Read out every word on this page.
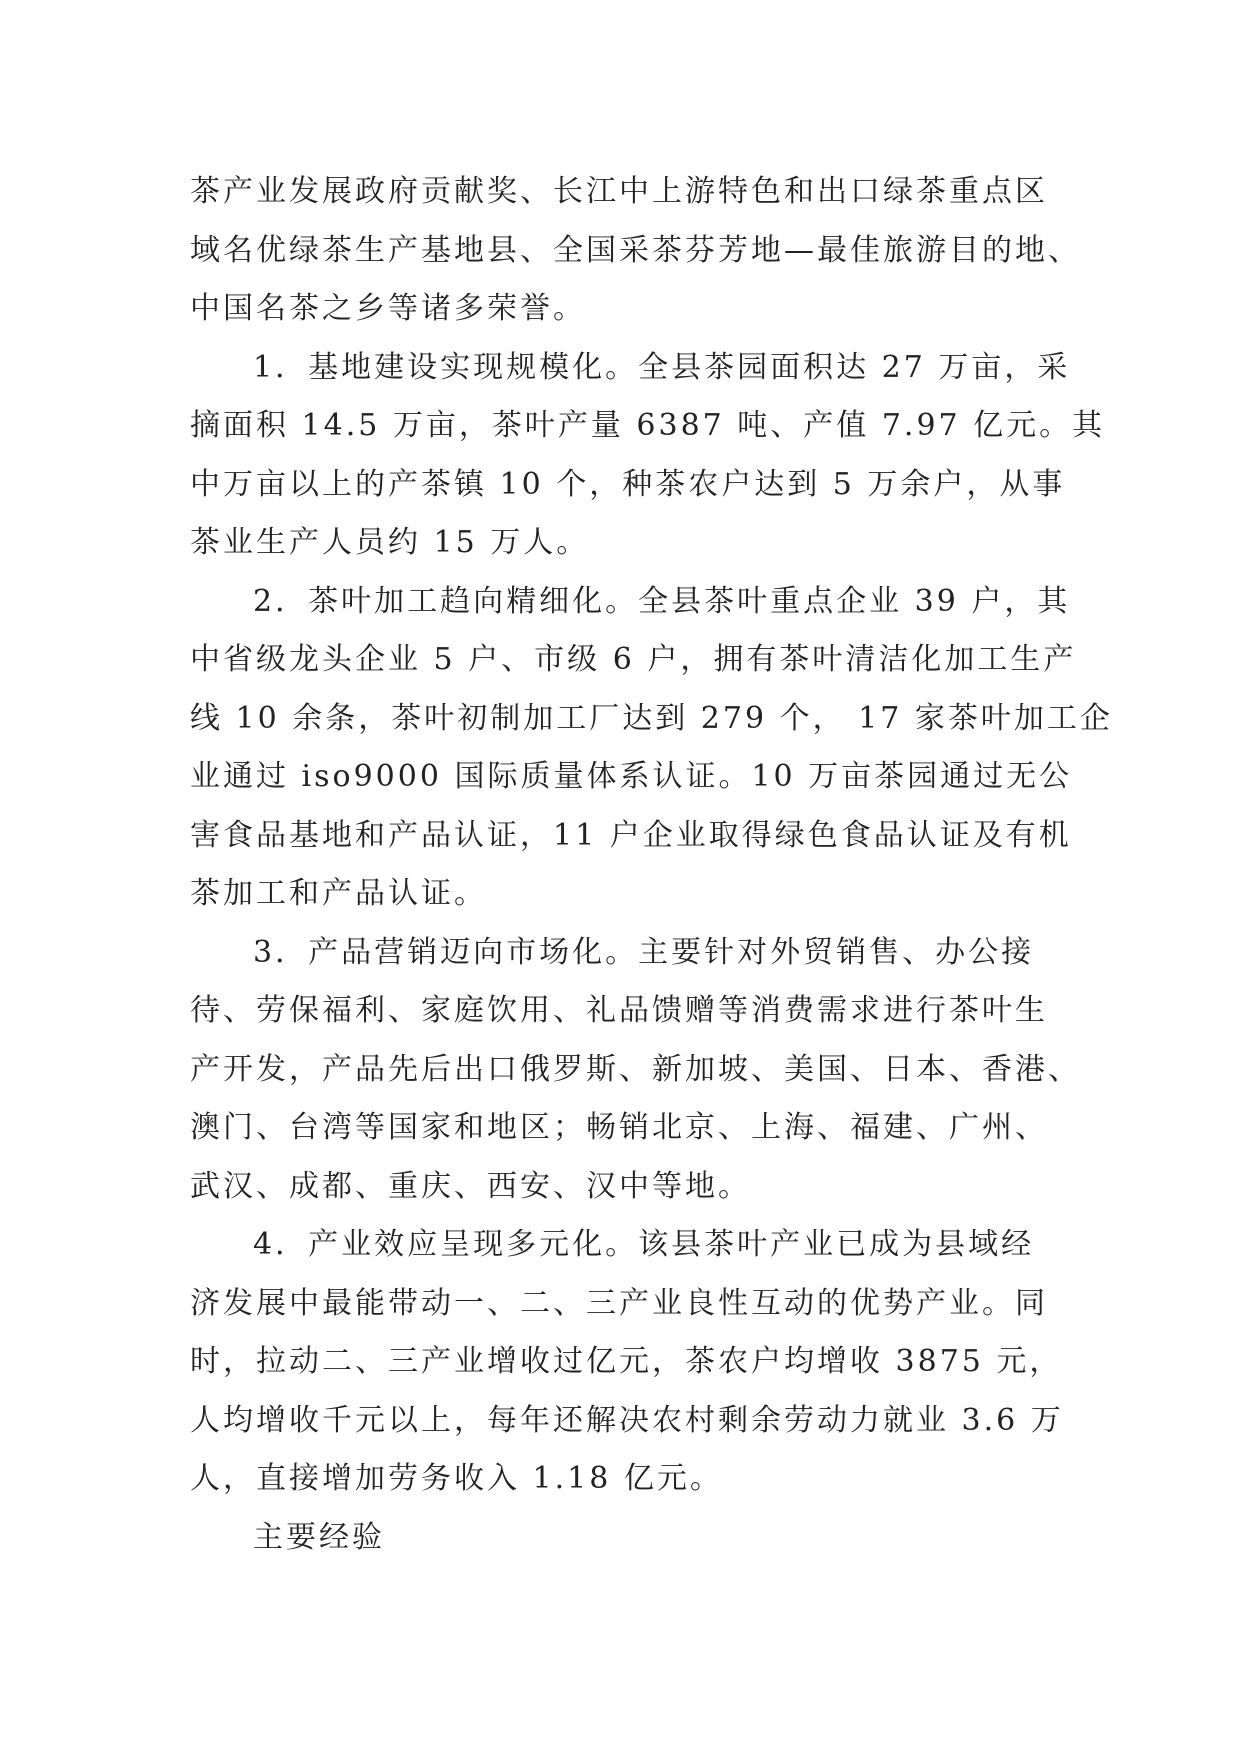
茶产业发展政府贡献奖、长江中上游特色和出口绿茶重点区
域名优绿茶生产基地县、全国采茶芬芳地—最佳旅游目的地、
中国名茶之乡等诸多荣誉。
1．基地建设实现规模化。全县茶园面积达 27 万亩，采
摘面积 14.5 万亩，茶叶产量 6387 吨、产值 7.97 亿元。其
中万亩以上的产茶镇 10 个，种茶农户达到 5 万余户，从事
茶业生产人员约 15 万人。
2．茶叶加工趋向精细化。全县茶叶重点企业 39 户，其
中省级龙头企业 5 户、市级 6 户，拥有茶叶清洁化加工生产
线 10 余条，茶叶初制加工厂达到 279 个， 17 家茶叶加工企
业通过 iso9000 国际质量体系认证。10 万亩茶园通过无公
害食品基地和产品认证，11 户企业取得绿色食品认证及有机
茶加工和产品认证。
3．产品营销迈向市场化。主要针对外贸销售、办公接
待、劳保福利、家庭饮用、礼品馈赠等消费需求进行茶叶生
产开发，产品先后出口俄罗斯、新加坡、美国、日本、香港、
澳门、台湾等国家和地区；畅销北京、上海、福建、广州、
武汉、成都、重庆、西安、汉中等地。
4．产业效应呈现多元化。该县茶叶产业已成为县域经
济发展中最能带动一、二、三产业良性互动的优势产业。同
时，拉动二、三产业增收过亿元，茶农户均增收 3875 元，
人均增收千元以上，每年还解决农村剩余劳动力就业 3.6 万
人，直接增加劳务收入 1.18 亿元。
主要经验
